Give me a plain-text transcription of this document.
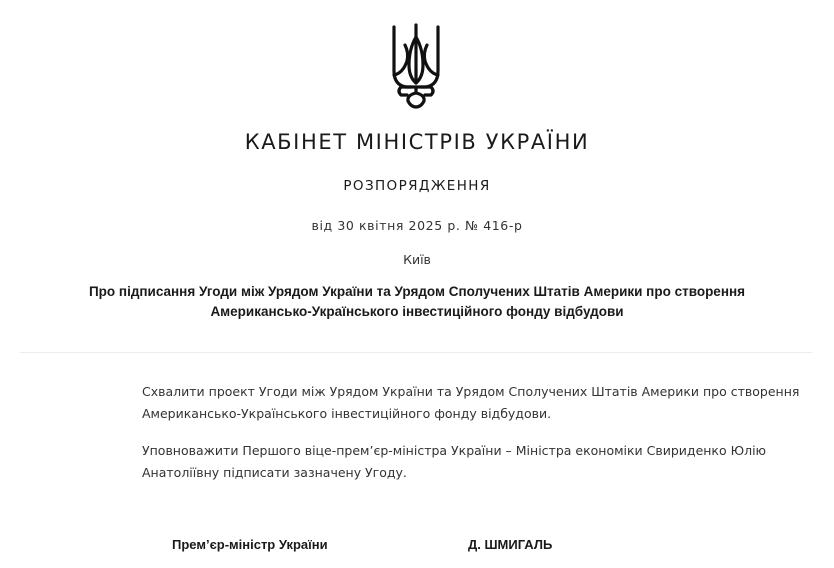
КАБІНЕТ МІНІСТРІВ УКРАЇНИ
РОЗПОРЯДЖЕННЯ
від 30 квітня 2025 р. № 416-р
Київ
Про підписання Угоди між Урядом України та Урядом Сполучених Штатів Америки про створення
Американсько-Українського інвестиційного фонду відбудови
Схвалити проект Угоди між Урядом України та Урядом Сполучених Штатів Америки про створення
Американсько-Українського інвестиційного фонду відбудови.
Уповноважити Першого віце-прем’єр-міністра України – Міністра економіки Свириденко Юлію
Анатоліївну підписати зазначену Угоду.
Прем’єр-міністр України	Д. ШМИГАЛЬ
